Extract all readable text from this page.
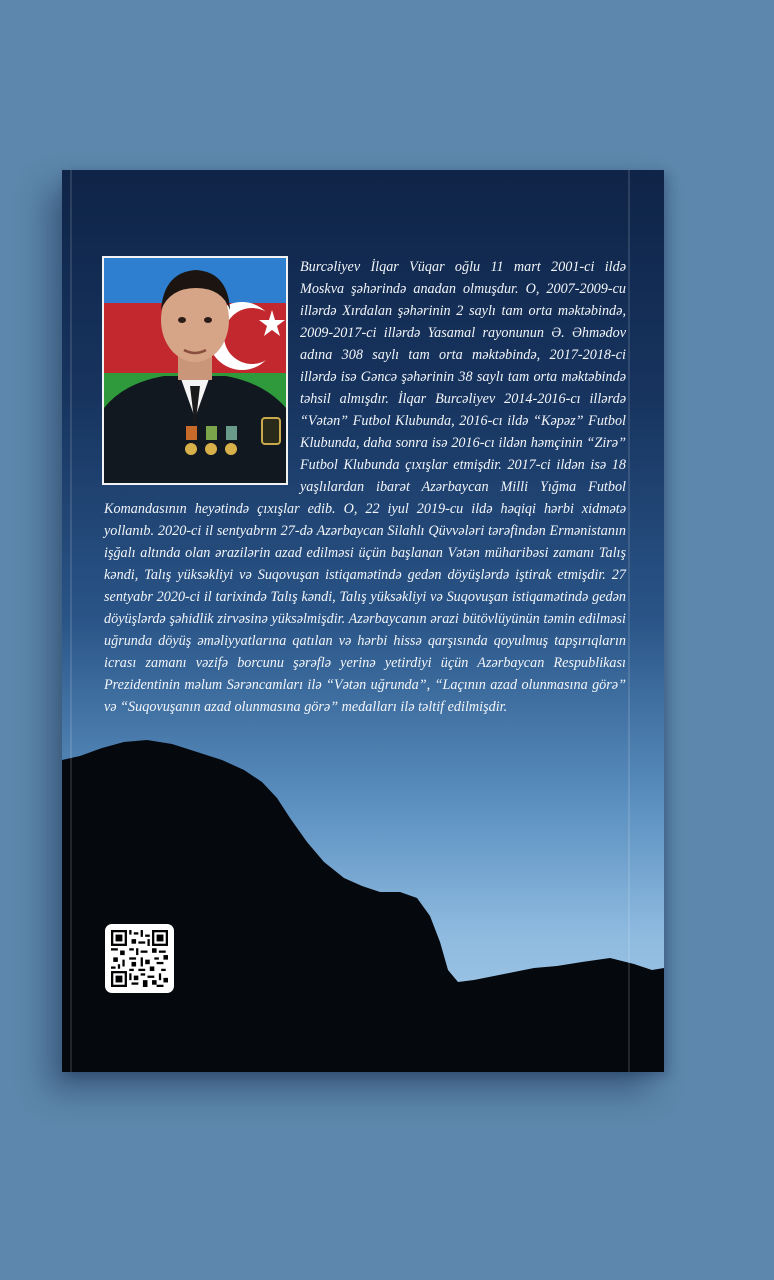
Burcəliyev İlqar Vüqar oğlu 11 mart 2001-ci ildə Moskva şəhərində anadan olmuşdur. O, 2007-2009-cu illərdə Xırdalan şəhərinin 2 saylı tam orta məktəbində, 2009-2017-ci illərdə Yasamal rayonunun Ə. Əhmədov adına 308 saylı tam orta məktəbində, 2017-2018-ci illərdə isə Gəncə şəhərinin 38 saylı tam orta məktəbində təhsil almışdır. İlqar Burcəliyev 2014-2016-cı illərdə “Vətən” Futbol Klubunda, 2016-cı ildə “Kəpəz” Futbol Klubunda, daha sonra isə 2016-cı ildən həmçinin “Zirə” Futbol Klubunda çıxışlar etmişdir. 2017-ci ildən isə 18 yaşlılardan ibarət Azərbaycan Milli Yığma Futbol Komandasının heyətində çıxışlar edib. O, 22 iyul 2019-cu ildə həqiqi hərbi xidmətə yollanıb. 2020-ci il sentyabrın 27-də Azərbaycan Silahlı Qüvvələri tərəfindən Ermənistanın işğalı altında olan ərazilərin azad edilməsi üçün başlanan Vətən müharibəsi zamanı Talış kəndi, Talış yüksəkliyi və Suqovuşan istiqamətində gedən döyüşlərdə iştirak etmişdir. 27 sentyabr 2020-ci il tarixində Talış kəndi, Talış yüksəkliyi və Suqovuşan istiqamətində gedən döyüşlərdə şəhidlik zirvəsinə yüksəlmişdir. Azərbaycanın ərazi bütövlüyünün təmin edilməsi uğrunda döyüş əməliyyatlarına qatılan və hərbi hissə qarşısında qoyulmuş tapşırıqların icrası zamanı vəzifə borcunu şərəflə yerinə yetirdiyi üçün Azərbaycan Respublikası Prezidentinin məlum Sərəncamları ilə “Vətən uğrunda”, “Laçının azad olunmasına görə” və “Suqovuşanın azad olunmasına görə” medalları ilə təltif edilmişdir.
